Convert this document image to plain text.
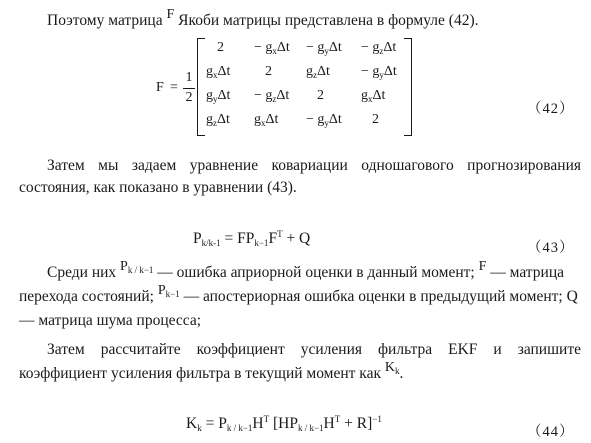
Поэтому матрица F Якоби матрицы представлена в формуле (42).
F =
1
2
$2 - g_x\Delta t - g_y\Delta t - g_z\Delta t$
$g_x\Delta t$ 2 $g_z\Delta t - g_y\Delta t$
$g_y\Delta t - g_z\Delta t$ 2	$g_x\Delta t$
$g_z\Delta t$ $g_x\Delta t - g_y\Delta t$ 2
（42）
Затем мы задаем уравнение ковариации одношагового прогнозирования
состояния, как показано в уравнении (43).
$Pk/k-1 = FPk-1F^T + Q$
（43）
Среди них $P_{k / k-1}$ — ошибка априорной оценки в данный момент; F — матрица
перехода состояний; $P_{k-1}$ — апостериорная ошибка оценки в предыдущий момент; Q
— матрица шума процесса;
Затем рассчитайте коэффициент усиления фильтра EKF и запишите
коэффициент усиления фильтра в текущий момент как $K_k$.
$Kk = Pk / k-1H^T$ $[HPk / k-1H^T + R]^{-1}$
（44）
